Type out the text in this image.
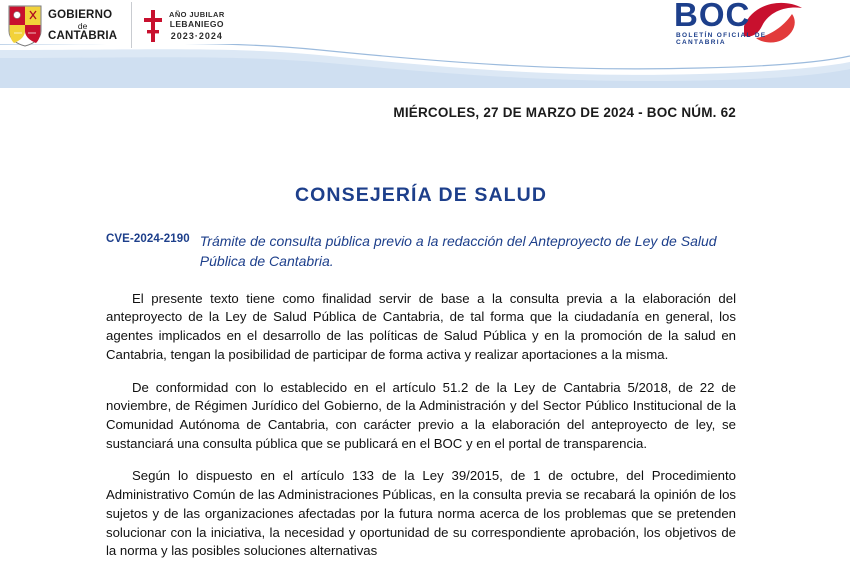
GOBIERNO
de
CANTABRIA
AÑO JUBILAR
LEBANIEGO
2023·2024
BOC
BOLETÍN OFICIAL DE CANTABRIA
MIÉRCOLES, 27 DE MARZO DE 2024 - BOC NÚM. 62
CONSEJERÍA DE SALUD
CVE-2024-2190 Trámite de consulta pública previo a la redacción del Anteproyecto de Ley de Salud Pública de Cantabria.

El presente texto tiene como finalidad servir de base a la consulta previa a la elaboración del anteproyecto de la Ley de Salud Pública de Cantabria, de tal forma que la ciudadanía en general, los agentes implicados en el desarrollo de las políticas de Salud Pública y en la promoción de la salud en Cantabria, tengan la posibilidad de participar de forma activa y realizar aportaciones a la misma.

De conformidad con lo establecido en el artículo 51.2 de la Ley de Cantabria 5/2018, de 22 de noviembre, de Régimen Jurídico del Gobierno, de la Administración y del Sector Público Institucional de la Comunidad Autónoma de Cantabria, con carácter previo a la elaboración del anteproyecto de ley, se sustanciará una consulta pública que se publicará en el BOC y en el portal de transparencia.

Según lo dispuesto en el artículo 133 de la Ley 39/2015, de 1 de octubre, del Procedimiento Administrativo Común de las Administraciones Públicas, en la consulta previa se recabará la opinión de los sujetos y de las organizaciones afectadas por la futura norma acerca de los problemas que se pretenden solucionar con la iniciativa, la necesidad y oportunidad de su correspondiente aprobación, los objetivos de la norma y las posibles soluciones alternativas
